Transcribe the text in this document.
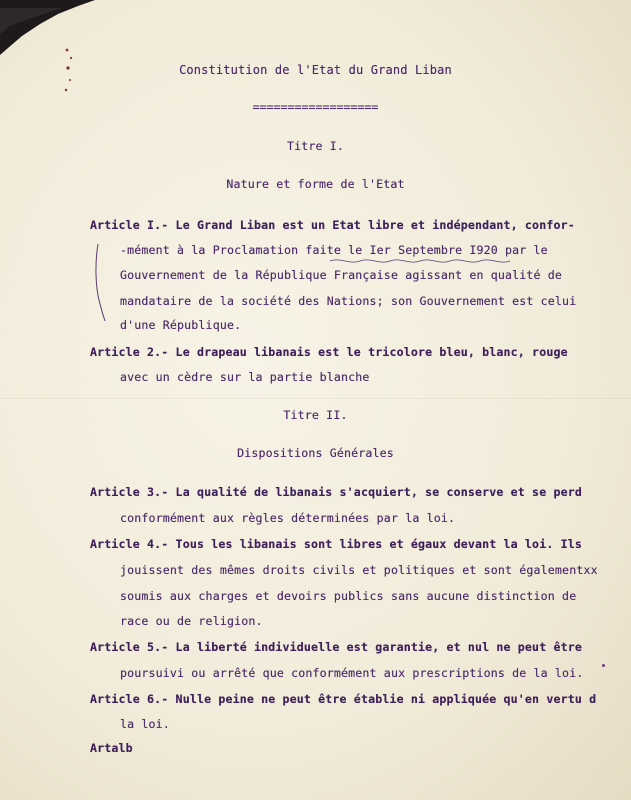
Constitution de l'Etat du Grand Liban
==================
Titre I.
Nature et forme de l'Etat
Article I.- Le Grand Liban est un Etat libre et indépendant, confor-
-mément à la Proclamation faite le Ier Septembre I920 par le
Gouvernement de la République Française agissant en qualité de
mandataire de la société des Nations; son Gouvernement est celui
d'une République.
Article 2.- Le drapeau libanais est le tricolore bleu, blanc, rouge
avec un cèdre sur la partie blanche
Titre II.
Dispositions Générales
Article 3.- La qualité de libanais s'acquiert, se conserve et se perd
conformément aux règles déterminées par la loi.
Article 4.- Tous les libanais sont libres et égaux devant la loi. Ils
jouissent des mêmes droits civils et politiques et sont égalementxx
soumis aux charges et devoirs publics sans aucune distinction de
race ou de religion.
Article 5.- La liberté individuelle est garantie, et nul ne peut être
poursuivi ou arrêté que conformément aux prescriptions de la loi.
Article 6.- Nulle peine ne peut être établie ni appliquée qu'en vertu d
la loi.
Artalb
